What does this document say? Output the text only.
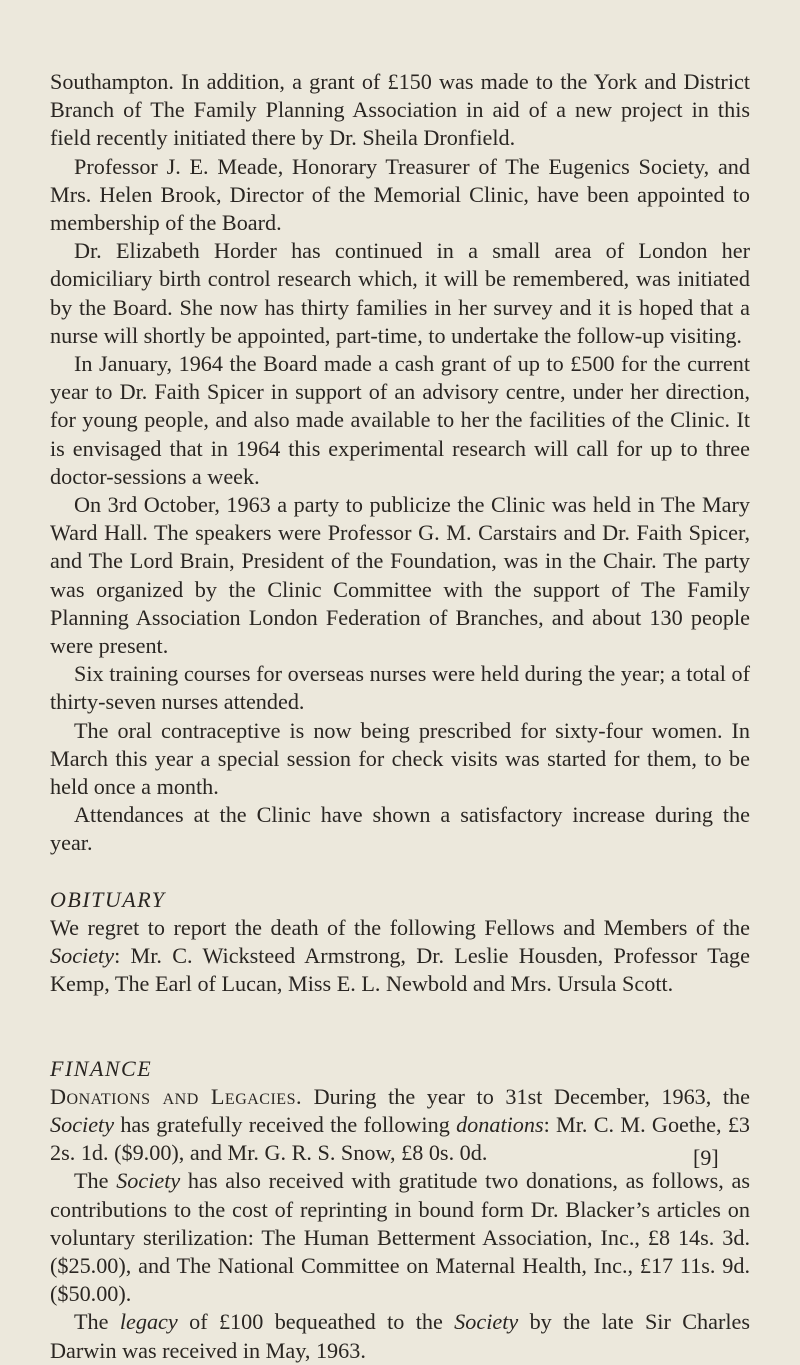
Southampton. In addition, a grant of £150 was made to the York and District Branch of The Family Planning Association in aid of a new project in this field recently initiated there by Dr. Sheila Dronfield.

Professor J. E. Meade, Honorary Treasurer of The Eugenics Society, and Mrs. Helen Brook, Director of the Memorial Clinic, have been appointed to membership of the Board.

Dr. Elizabeth Horder has continued in a small area of London her domiciliary birth control research which, it will be remembered, was initiated by the Board. She now has thirty families in her survey and it is hoped that a nurse will shortly be appointed, part-time, to undertake the follow-up visiting.

In January, 1964 the Board made a cash grant of up to £500 for the current year to Dr. Faith Spicer in support of an advisory centre, under her direction, for young people, and also made available to her the facilities of the Clinic. It is envisaged that in 1964 this experimental research will call for up to three doctor-sessions a week.

On 3rd October, 1963 a party to publicize the Clinic was held in The Mary Ward Hall. The speakers were Professor G. M. Carstairs and Dr. Faith Spicer, and The Lord Brain, President of the Foundation, was in the Chair. The party was organized by the Clinic Committee with the support of The Family Planning Association London Federation of Branches, and about 130 people were present.

Six training courses for overseas nurses were held during the year; a total of thirty-seven nurses attended.

The oral contraceptive is now being prescribed for sixty-four women. In March this year a special session for check visits was started for them, to be held once a month.

Attendances at the Clinic have shown a satisfactory increase during the year.

OBITUARY

We regret to report the death of the following Fellows and Members of the Society: Mr. C. Wicksteed Armstrong, Dr. Leslie Housden, Professor Tage Kemp, The Earl of Lucan, Miss E. L. Newbold and Mrs. Ursula Scott.

FINANCE

Donations and Legacies. During the year to 31st December, 1963, the Society has gratefully received the following donations: Mr. C. M. Goethe, £3 2s. 1d. ($9.00), and Mr. G. R. S. Snow, £8 0s. 0d.

The Society has also received with gratitude two donations, as follows, as contributions to the cost of reprinting in bound form Dr. Blacker’s articles on voluntary sterilization: The Human Betterment Association, Inc., £8 14s. 3d. ($25.00), and The National Committee on Maternal Health, Inc., £17 11s. 9d. ($50.00).

The legacy of £100 bequeathed to the Society by the late Sir Charles Darwin was received in May, 1963.

[9]
